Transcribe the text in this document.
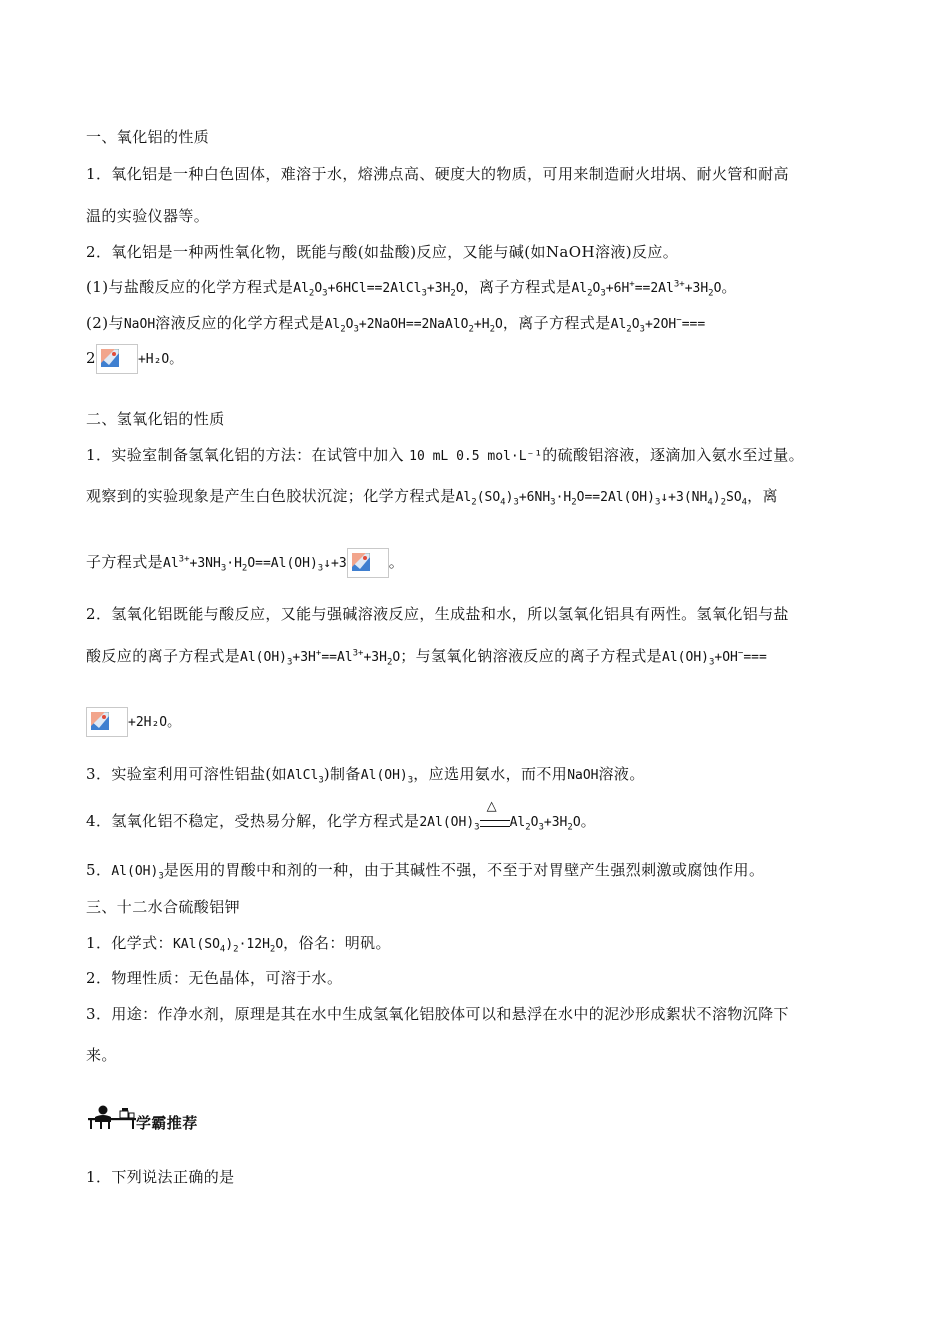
一、氧化铝的性质
1．氧化铝是一种白色固体，难溶于水，熔沸点高、硬度大的物质，可用来制造耐火坩埚、耐火管和耐高
温的实验仪器等。
2．氧化铝是一种两性氧化物，既能与酸(如盐酸)反应，又能与碱(如NaOH溶液)反应。
(1)与盐酸反应的化学方程式是$Al_2O_3+6HCl==2AlCl_3+3H_2O$，离子方程式是$Al_2O_3+6H^+==2Al^{3+}+3H_2O$。
(2)与NaOH溶液反应的化学方程式是$Al_2O_3+2NaOH==2NaAlO_2+H_2O$，离子方程式是$Al_2O_3+2OH^-===$
2	+H₂O。
二、氢氧化铝的性质
1．实验室制备氢氧化铝的方法：在试管中加入 10 mL 0.5 mol·L⁻¹的硫酸铝溶液，逐滴加入氨水至过量。
观察到的实验现象是产生白色胶状沉淀；化学方程式是$Al_2(SO_4)_3+6NH_3\cdot H_2O==2Al(OH)_3↓+3(NH_4)_2SO_4$，离
子方程式是$Al^{3+}+3NH_3\cdot H_2O==Al(OH)_3↓+3$	。
2．氢氧化铝既能与酸反应，又能与强碱溶液反应，生成盐和水，所以氢氧化铝具有两性。氢氧化铝与盐
酸反应的离子方程式是$Al(OH)_3+3H^+==Al^{3+}+3H_2O$；与氢氧化钠溶液反应的离子方程式是$Al(OH)_3+OH^-===$
+2H₂O。
3．实验室利用可溶性铝盐(如AlCl$_3$)制备$Al(OH)_3$，应选用氨水，而不用NaOH溶液。
4．氢氧化铝不稳定，受热易分解，化学方程式是$2Al(OH)_3$
△
$Al_2O_3+3H_2O$。
5．$Al(OH)_3$是医用的胃酸中和剂的一种，由于其碱性不强，不至于对胃壁产生强烈刺激或腐蚀作用。
三、十二水合硫酸铝钾
1．化学式：$KAl(SO_4)_2\cdot 12H_2O$，俗名：明矾。
2．物理性质：无色晶体，可溶于水。
3．用途：作净水剂，原理是其在水中生成氢氧化铝胶体可以和悬浮在水中的泥沙形成絮状不溶物沉降下
来。
学霸推荐
1．下列说法正确的是
